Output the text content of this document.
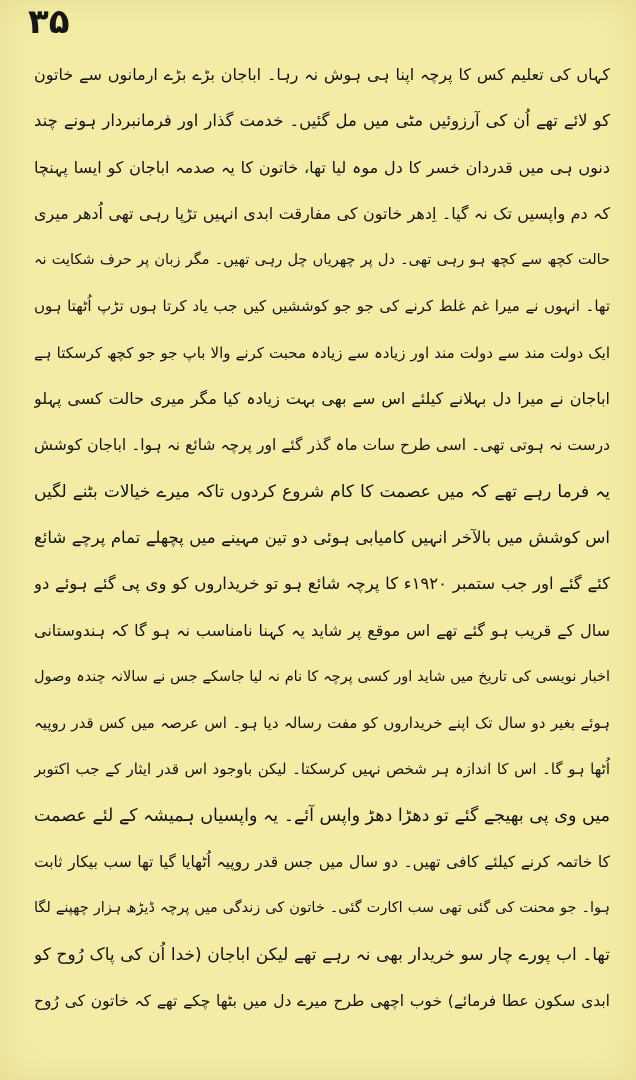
۳۵
کہاں کی تعلیم کس کا پرچہ اپنا ہی ہوش نہ رہا۔ اباجان بڑے بڑے ارمانوں سے خاتون
کو لائے تھے اُن کی آرزوئیں مٹی میں مل گئیں۔ خدمت گذار اور فرمانبردار ہونے چند
دنوں ہی میں قدردان خسر کا دل موہ لیا تھا، خاتون کا یہ صدمہ اباجان کو ایسا پہنچا
کہ دم واپسیں تک نہ گیا۔ اِدھر خاتون کی مفارقت ابدی انہیں تڑپا رہی تھی اُدھر میری
حالت کچھ سے کچھ ہو رہی تھی۔ دل پر چھریاں چل رہی تھیں۔ مگر زبان پر حرف شکایت نہ
تھا۔ انہوں نے میرا غم غلط کرنے کی جو جو کوششیں کیں جب یاد کرتا ہوں تڑپ اُٹھتا ہوں
ایک دولت مند سے دولت مند اور زیادہ سے زیادہ محبت کرنے والا باپ جو جو کچھ کرسکتا ہے
اباجان نے میرا دل بہلانے کیلئے اس سے بھی بہت زیادہ کیا مگر میری حالت کسی پہلو
درست نہ ہوتی تھی۔ اسی طرح سات ماہ گذر گئے اور پرچہ شائع نہ ہوا۔ اباجان کوشش
یہ فرما رہے تھے کہ میں عصمت کا کام شروع کردوں تاکہ میرے خیالات بٹنے لگیں
اس کوشش میں بالآخر انہیں کامیابی ہوئی دو تین مہینے میں پچھلے تمام پرچے شائع
کئے گئے اور جب ستمبر ۱۹۲۰ء کا پرچہ شائع ہو تو خریداروں کو وی پی گئے ہوئے دو
سال کے قریب ہو گئے تھے اس موقع پر شاید یہ کہنا نامناسب نہ ہو گا کہ ہندوستانی
اخبار نویسی کی تاریخ میں شاید اور کسی پرچہ کا نام نہ لیا جاسکے جس نے سالانہ چندہ وصول
ہوئے بغیر دو سال تک اپنے خریداروں کو مفت رسالہ دیا ہو۔ اس عرصہ میں کس قدر روپیہ
اُٹھا ہو گا۔ اس کا اندازہ ہر شخص نہیں کرسکتا۔ لیکن باوجود اس قدر ایثار کے جب اکتوبر
میں وی پی بھیجے گئے تو دھڑا دھڑ واپس آئے۔ یہ واپسیاں ہمیشہ کے لئے عصمت
کا خاتمہ کرنے کیلئے کافی تھیں۔ دو سال میں جس قدر روپیہ اُٹھایا گیا تھا سب بیکار ثابت
ہوا۔ جو محنت کی گئی تھی سب اکارت گئی۔ خاتون کی زندگی میں پرچہ ڈیڑھ ہزار چھپنے لگا
تھا۔ اب پورے چار سو خریدار بھی نہ رہے تھے لیکن اباجان (خدا اُن کی پاک رُوح کو
ابدی سکون عطا فرمائے) خوب اچھی طرح میرے دل میں بٹھا چکے تھے کہ خاتون کی رُوح
